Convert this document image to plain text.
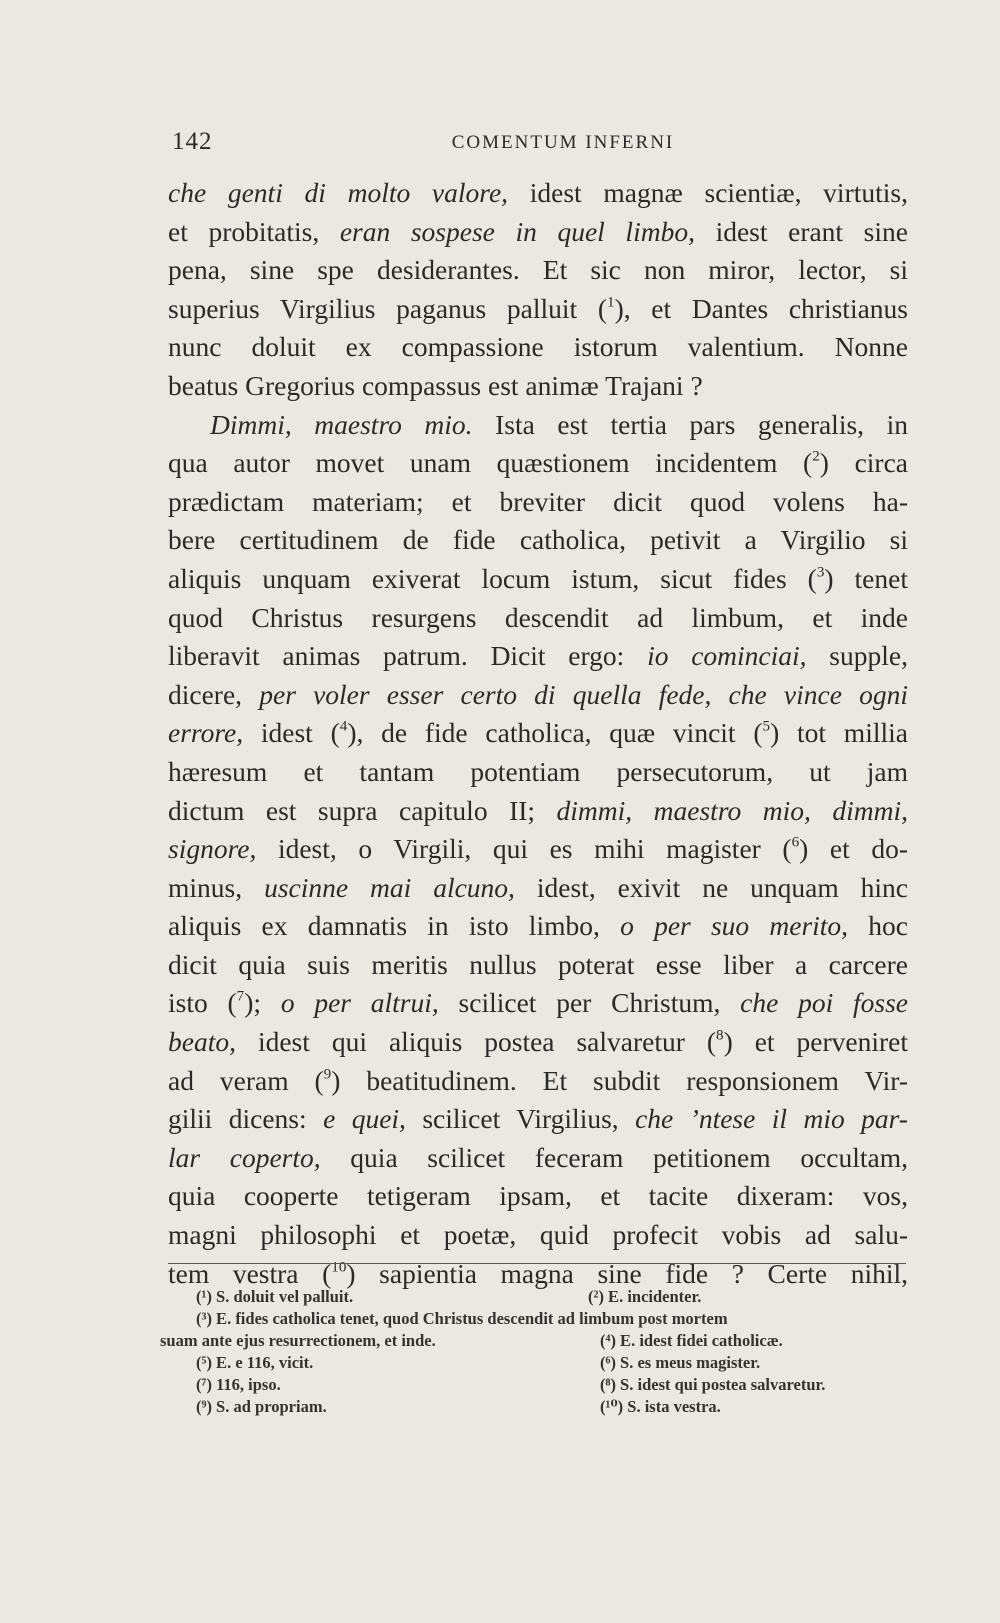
142	COMENTUM INFERNI
che genti di molto valore, idest magnæ scientiæ, virtutis,
et probitatis, eran sospese in quel limbo, idest erant sine
pena, sine spe desiderantes. Et sic non miror, lector, si
superius Virgilius paganus palluit ($^1$), et Dantes christianus
nunc doluit ex compassione istorum valentium. Nonne
beatus Gregorius compassus est animæ Trajani ?
Dimmi, maestro mio. Ista est tertia pars generalis, in
qua autor movet unam quæstionem incidentem ($^2$) circa
prædictam materiam; et breviter dicit quod volens ha-
bere certitudinem de fide catholica, petivit a Virgilio si
aliquis unquam exiverat locum istum, sicut fides ($^3$) tenet
quod Christus resurgens descendit ad limbum, et inde
liberavit animas patrum. Dicit ergo: io cominciai, supple,
dicere, per voler esser certo di quella fede, che vince ogni
errore, idest ($^4$), de fide catholica, quæ vincit ($^5$) tot millia
hæresum et tantam potentiam persecutorum, ut jam
dictum est supra capitulo II; dimmi, maestro mio, dimmi,
signore, idest, o Virgili, qui es mihi magister ($^6$) et do-
minus, uscinne mai alcuno, idest, exivit ne unquam hinc
aliquis ex damnatis in isto limbo, o per suo merito, hoc
dicit quia suis meritis nullus poterat esse liber a carcere
isto ($^7$); o per altrui, scilicet per Christum, che poi fosse
beato, idest qui aliquis postea salvaretur ($^8$) et perveniret
ad veram ($^9$) beatitudinem. Et subdit responsionem Vir-
gilii dicens: e quei, scilicet Virgilius, che ’ntese il mio par-
lar coperto, quia scilicet feceram petitionem occultam,
quia cooperte tetigeram ipsam, et tacite dixeram: vos,
magni philosophi et poetæ, quid profecit vobis ad salu-
tem vestra ($^{10}$) sapientia magna sine fide ? Certe nihil,
(¹) S. doluit vel palluit.	(²) E. incidenter.
(³) E. fides catholica tenet, quod Christus descendit ad limbum post mortem
suam ante ejus resurrectionem, et inde.	(⁴) E. idest fidei catholicæ.
(⁵) E. e 116, vicit.	(⁶) S. es meus magister.
(⁷) 116, ipso.	(⁸) S. idest qui postea salvaretur.
(⁹) S. ad propriam.	(¹⁰) S. ista vestra.
